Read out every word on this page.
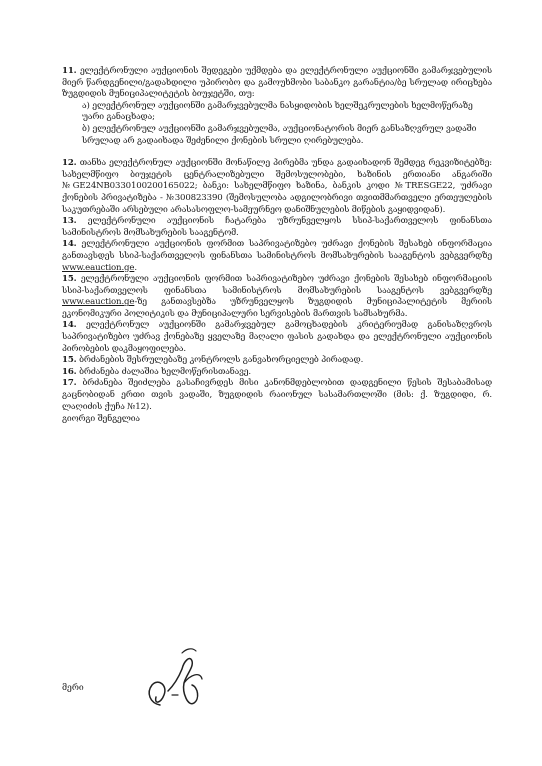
11. ელექტრონული აუქციონის შედეგები უქმდება და ელექტრონული აუქციონში გამარჯვებულის მიერ წარდგენილი/გადახდილი უპირობო და გამოუხმობი საბანკო გარანტია/ბე სრულად ირიცხება ზუგდიდის მუნიციპალიტეტის ბიუჯეტში, თუ:

ა) ელექტრონულ აუქციონში გამარჯვებულმა ნასყიდობის ხელშეკრულების ხელმოწერაზე უარი განაცხადა;

ბ) ელექტრონულ აუქციონში გამარჯვებულმა, აუქციონატორის მიერ განსაზღვრულ ვადაში სრულად არ გადაიხადა შეძენილი ქონების სრული ღირებულება.

12. თანხა ელექტრონულ აუქციონში მონაწილე პირებმა უნდა გადაიხადონ შემდეგ რეკვიზიტებზე: სახელმწიფო ბიუჯეტის ცენტრალიზებული შემოსულობები, ხაზინის ერთიანი ანგარიში №GE24NB0330100200165022; ბანკი: სახელმწიფო ხაზინა, ბანკის კოდი №TRESGE22, უძრავი ქონების პრივატიზება - №300823390 (შემოსულობა ადგილობრივი თვითმმართველი ერთეულების საკუთრებაში არსებული არასასოფლო-სამეურნეო დანიშნულების მიწების გაყიდვიდან).

13. ელექტრონული აუქციონის ჩატარება უზრუნველყოს სსიპ-საქართველოს ფინანსთა სამინისტროს მომსახურების სააგენტომ.

14. ელექტრონული აუქციონის ფორმით საპრივატიზებო უძრავი ქონების შესახებ ინფორმაცია განთავსდეს სსიპ-საქართველოს ფინანსთა სამინისტროს მომსახურების სააგენტოს ვებგვერდზე www.eauction.ge.

15. ელექტრონული აუქციონის ფორმით საპრივატიზებო უძრავი ქონების შესახებ ინფორმაციის სსიპ-საქართველოს ფინანსთა სამინისტროს მომსახურების სააგენტოს ვებგვერდზე www.eauction.ge-ზე განთავსებზა უზრუნველყოს ზუგდიდის მუნიციპალიტეტის მერიის ეკონომიკური პოლიტიკის და მუნიციპალური სერვისების მართვის სამსახურმა.

14. ელექტრონულ აუქციონში გამარჯვებულ გამოცხადების კრიტერიუმად განისაზღვროს საპრივატიზებო უძრავ ქონებაზე ყველაზე მაღალი ფასის გადახდა და ელექტრონული აუქციონის პირობების დაკმაყოფილება.

15. ბრძანების შესრულებაზე კონტროლს განვახორციელებ პირადად.

16. ბრძანება ძალაშია ხელმოწერისთანავე.

17. ბრძანება შეიძლება გასაჩივრდეს მისი კანონმდებლობით დადგენილი წესის შესაბამისად გაცნობიდან ერთი თვის ვადაში, ზუგდიდის რაიონულ სასამართლოში (მის: ქ. ზუგდიდი, რ. ლაღიძის ქუჩა №12).

გიორგი შენგელია
მერი
